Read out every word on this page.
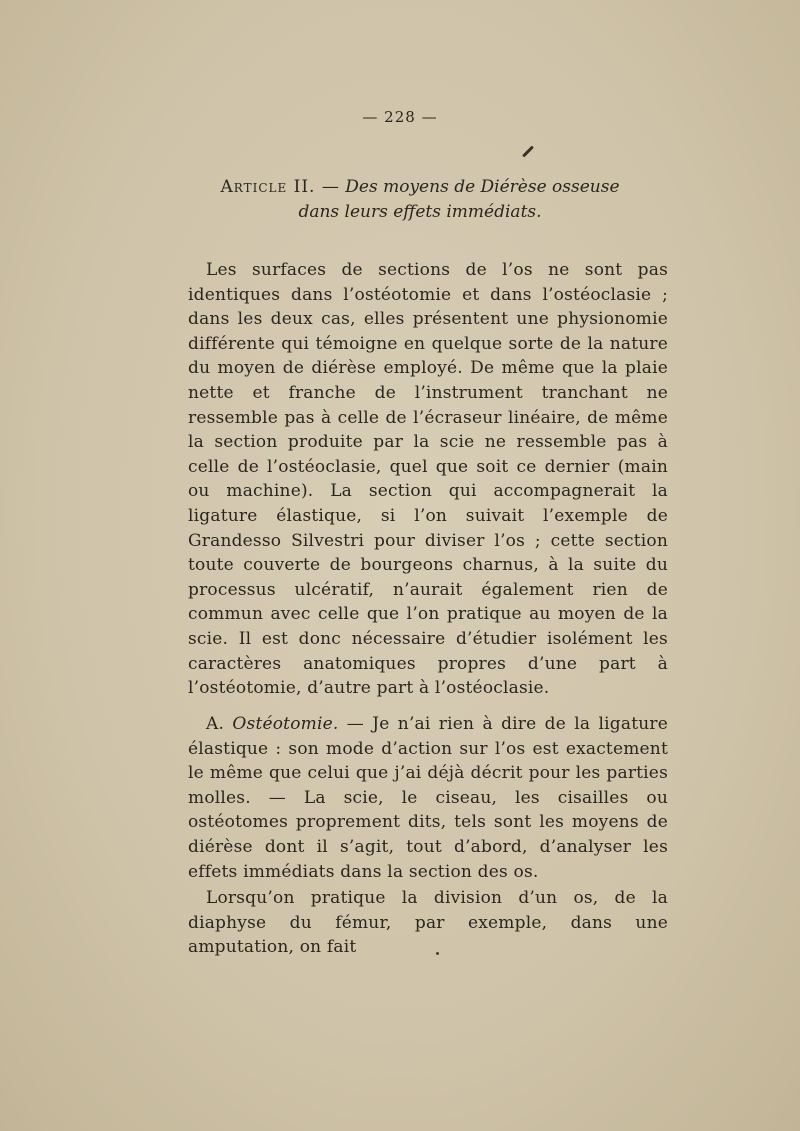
— 228 —
Article II. — Des moyens de Diérèse osseuse
dans leurs effets immédiats.
Les surfaces de sections de l’os ne sont pas identiques dans l’ostéotomie et dans l’ostéoclasie ; dans les deux cas, elles présentent une physionomie différente qui témoigne en quelque sorte de la nature du moyen de diérèse employé. De même que la plaie nette et franche de l’instrument tranchant ne ressemble pas à celle de l’écraseur linéaire, de même la section produite par la scie ne ressemble pas à celle de l’ostéoclasie, quel que soit ce dernier (main ou machine). La section qui accompagnerait la ligature élastique, si l’on suivait l’exemple de Grandesso Silvestri pour diviser l’os ; cette section toute couverte de bourgeons charnus, à la suite du processus ulcératif, n’aurait également rien de commun avec celle que l’on pratique au moyen de la scie. Il est donc nécessaire d’étudier isolément les caractères anatomiques propres d’une part à l’ostéotomie, d’autre part à l’ostéoclasie.
A. Ostéotomie. — Je n’ai rien à dire de la ligature élastique : son mode d’action sur l’os est exactement le même que celui que j’ai déjà décrit pour les parties molles. — La scie, le ciseau, les cisailles ou ostéotomes proprement dits, tels sont les moyens de diérèse dont il s’agit, tout d’abord, d’analyser les effets immédiats dans la section des os.
Lorsqu’on pratique la division d’un os, de la diaphyse du fémur, par exemple, dans une amputation, on fait
